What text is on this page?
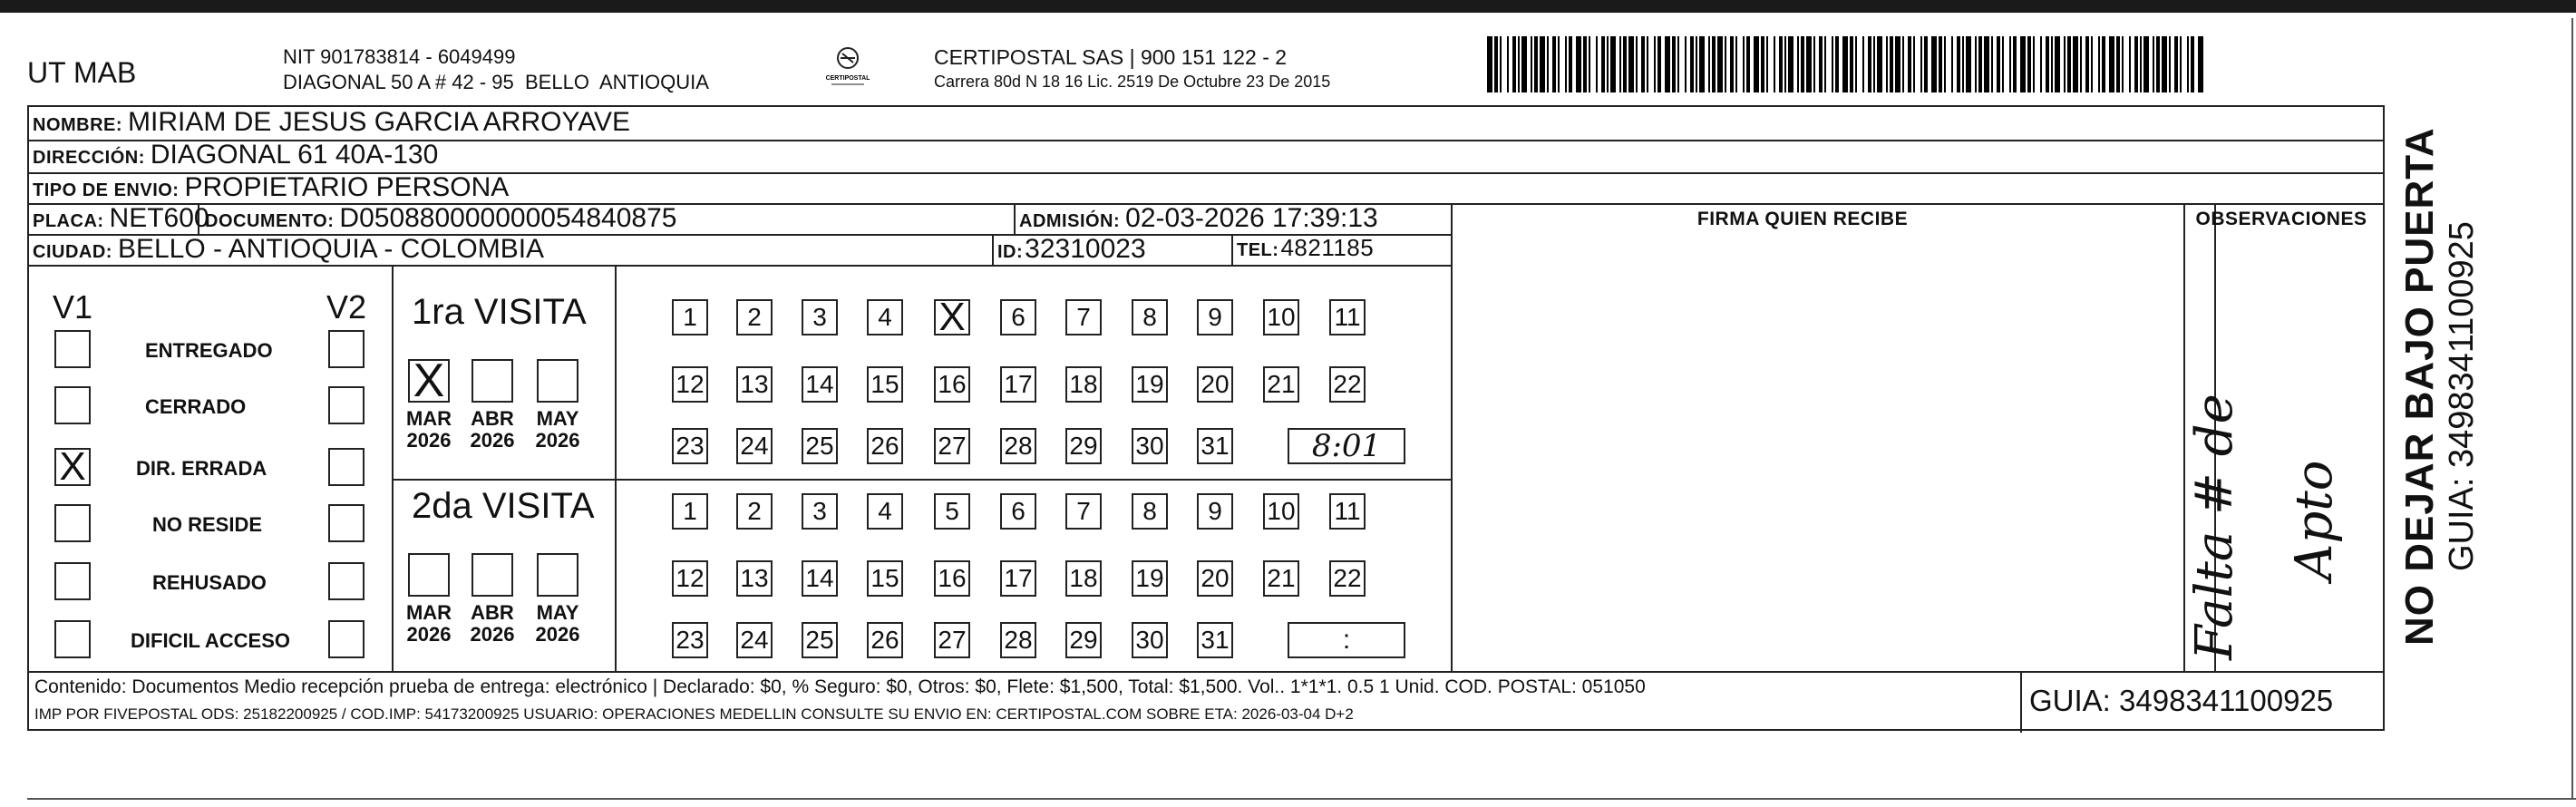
UT MAB	NIT 901783814 - 6049499
DIAGONAL 50 A # 42 - 95  BELLO  ANTIOQUIA	CERTIPOSTAL
CERTIPOSTAL SAS | 900 151 122 - 2
Carrera 80d N 18 16 Lic. 2519 De Octubre 23 De 2015
NOMBRE: MIRIAM DE JESUS GARCIA ARROYAVE
DIRECCIÓN: DIAGONAL 61 40A-130
TIPO DE ENVIO: PROPIETARIO PERSONA
PLACA: NET600
DOCUMENTO: D050880000000054840875	ADMISIÓN: 02-03-2026 17:39:13
CIUDAD: BELLO - ANTIOQUIA - COLOMBIA	ID: 32310023	TEL: 4821185
FIRMA QUIEN RECIBE	OBSERVACIONES
Falta # de Apto
V1	V2
ENTREGADO
CERRADO
X	DIR. ERRADA
NO RESIDE
REHUSADO
DIFICIL ACCESO
1ra VISITA
X
MAR
2026
ABR
2026
MAY
2026
1 2 3 4 X 6 7 8 9 10 11
12 13 14 15 16 17 18 19 20 21 22
23 24 25 26 27 28 29 30 31	8:01
2da VISITA
MAR
2026
ABR
2026
MAY
2026
1 2 3 4 5 6 7 8 9 10 11
12 13 14 15 16 17 18 19 20 21 22
23 24 25 26 27 28 29 30 31	:
Contenido: Documentos Medio recepción prueba de entrega: electrónico | Declarado: $0, % Seguro: $0, Otros: $0, Flete: $1,500, Total: $1,500. Vol.. 1*1*1. 0.5 1 Unid. COD. POSTAL: 051050
IMP POR FIVEPOSTAL ODS: 25182200925 / COD.IMP: 54173200925 USUARIO: OPERACIONES MEDELLIN CONSULTE SU ENVIO EN: CERTIPOSTAL.COM SOBRE ETA: 2026-03-04 D+2	GUIA: 3498341100925
NO DEJAR BAJO PUERTA GUIA: 3498341100925
